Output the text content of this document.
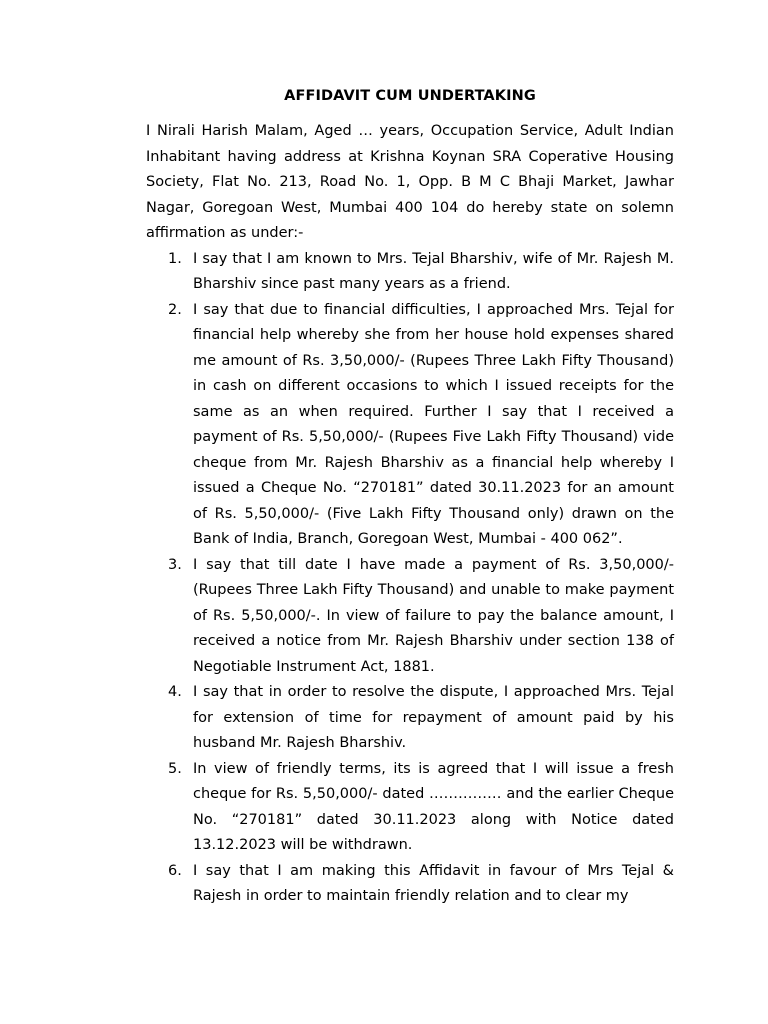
AFFIDAVIT CUM UNDERTAKING

I Nirali Harish Malam, Aged … years, Occupation Service, Adult Indian Inhabitant having address at Krishna Koynan SRA Coperative Housing Society, Flat No. 213, Road No. 1, Opp. B M C Bhaji Market, Jawhar Nagar, Goregoan West, Mumbai 400 104 do hereby state on solemn affirmation as under:-

1. I say that I am known to Mrs. Tejal Bharshiv, wife of Mr. Rajesh M. Bharshiv since past many years as a friend.
2. I say that due to financial difficulties, I approached Mrs. Tejal for financial help whereby she from her house hold expenses shared me amount of Rs. 3,50,000/- (Rupees Three Lakh Fifty Thousand) in cash on different occasions to which I issued receipts for the same as an when required. Further I say that I received a payment of Rs. 5,50,000/- (Rupees Five Lakh Fifty Thousand) vide cheque from Mr. Rajesh Bharshiv as a financial help whereby I issued a Cheque No. “270181” dated 30.11.2023 for an amount of Rs. 5,50,000/- (Five Lakh Fifty Thousand only) drawn on the Bank of India, Branch, Goregoan West, Mumbai - 400 062”.
3. I say that till date I have made a payment of Rs. 3,50,000/- (Rupees Three Lakh Fifty Thousand) and unable to make payment of Rs. 5,50,000/-. In view of failure to pay the balance amount, I received a notice from Mr. Rajesh Bharshiv under section 138 of Negotiable Instrument Act, 1881.
4. I say that in order to resolve the dispute, I approached Mrs. Tejal for extension of time for repayment of amount paid by his husband Mr. Rajesh Bharshiv.
5. In view of friendly terms, its is agreed that I will issue a fresh cheque for Rs. 5,50,000/- dated …………… and the earlier Cheque No. “270181” dated 30.11.2023 along with Notice dated 13.12.2023 will be withdrawn.
6. I say that I am making this Affidavit in favour of Mrs Tejal & Rajesh in order to maintain friendly relation and to clear my
